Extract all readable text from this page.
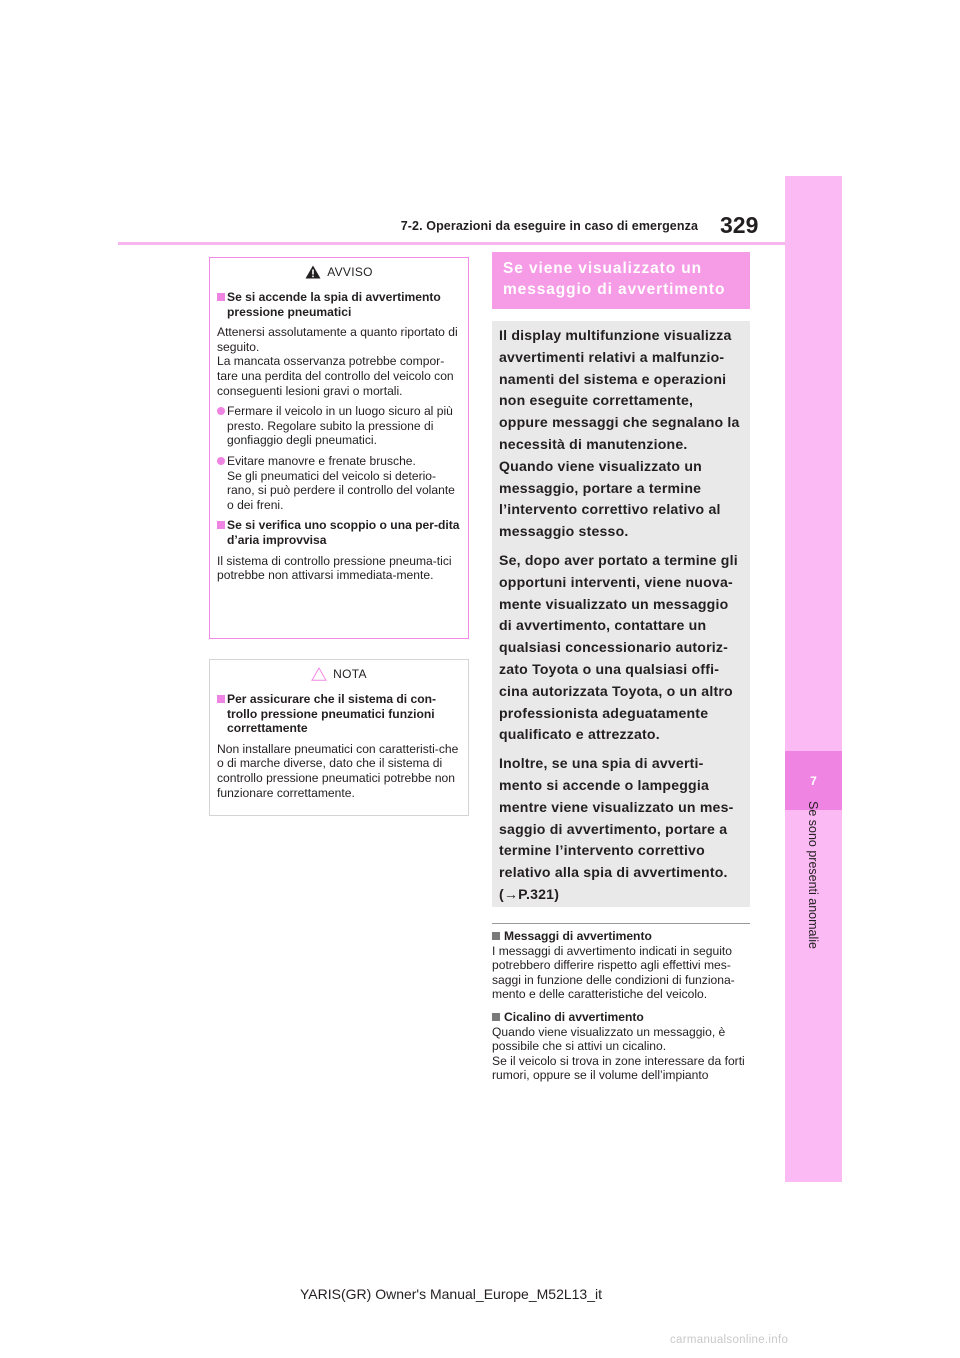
7-2. Operazioni da eseguire in caso di emergenza 329
7
Se sono presenti anomalie
AVVISO
Se si accende la spia di avvertimento pressione pneumatici

Attenersi assolutamente a quanto riportato di seguito.
La mancata osservanza potrebbe compor-tare una perdita del controllo del veicolo con conseguenti lesioni gravi o mortali.

Fermare il veicolo in un luogo sicuro al più presto. Regolare subito la pressione di gonfiaggio degli pneumatici.
Evitare manovre e frenate brusche.
Se gli pneumatici del veicolo si deterio-rano, si può perdere il controllo del volante o dei freni.
Se si verifica uno scoppio o una per-dita d’aria improvvisa

Il sistema di controllo pressione pneuma-tici potrebbe non attivarsi immediata-mente.

NOTA
Per assicurare che il sistema di con-trollo pressione pneumatici funzioni correttamente

Non installare pneumatici con caratteristi-che o di marche diverse, dato che il sistema di controllo pressione pneumatici potrebbe non funzionare correttamente.

Se viene visualizzato un messaggio di avvertimento

Il display multifunzione visualizza avvertimenti relativi a malfunzio-namenti del sistema e operazioni non eseguite correttamente, oppure messaggi che segnalano la necessità di manutenzione. Quando viene visualizzato un messaggio, portare a termine l’intervento correttivo relativo al messaggio stesso.

Se, dopo aver portato a termine gli opportuni interventi, viene nuova-mente visualizzato un messaggio di avvertimento, contattare un qualsiasi concessionario autoriz-zato Toyota o una qualsiasi offi-cina autorizzata Toyota, o un altro professionista adeguatamente qualificato e attrezzato.

Inoltre, se una spia di avverti-mento si accende o lampeggia mentre viene visualizzato un mes-saggio di avvertimento, portare a termine l’intervento correttivo relativo alla spia di avvertimento.

(→P.321)

Messaggi di avvertimento
I messaggi di avvertimento indicati in seguito potrebbero differire rispetto agli effettivi mes-saggi in funzione delle condizioni di funziona-mento e delle caratteristiche del veicolo.
Cicalino di avvertimento
Quando viene visualizzato un messaggio, è possibile che si attivi un cicalino.
Se il veicolo si trova in zone interessare da forti rumori, oppure se il volume dell’impianto
YARIS(GR) Owner's Manual_Europe_M52L13_it
carmanualsonline.info
